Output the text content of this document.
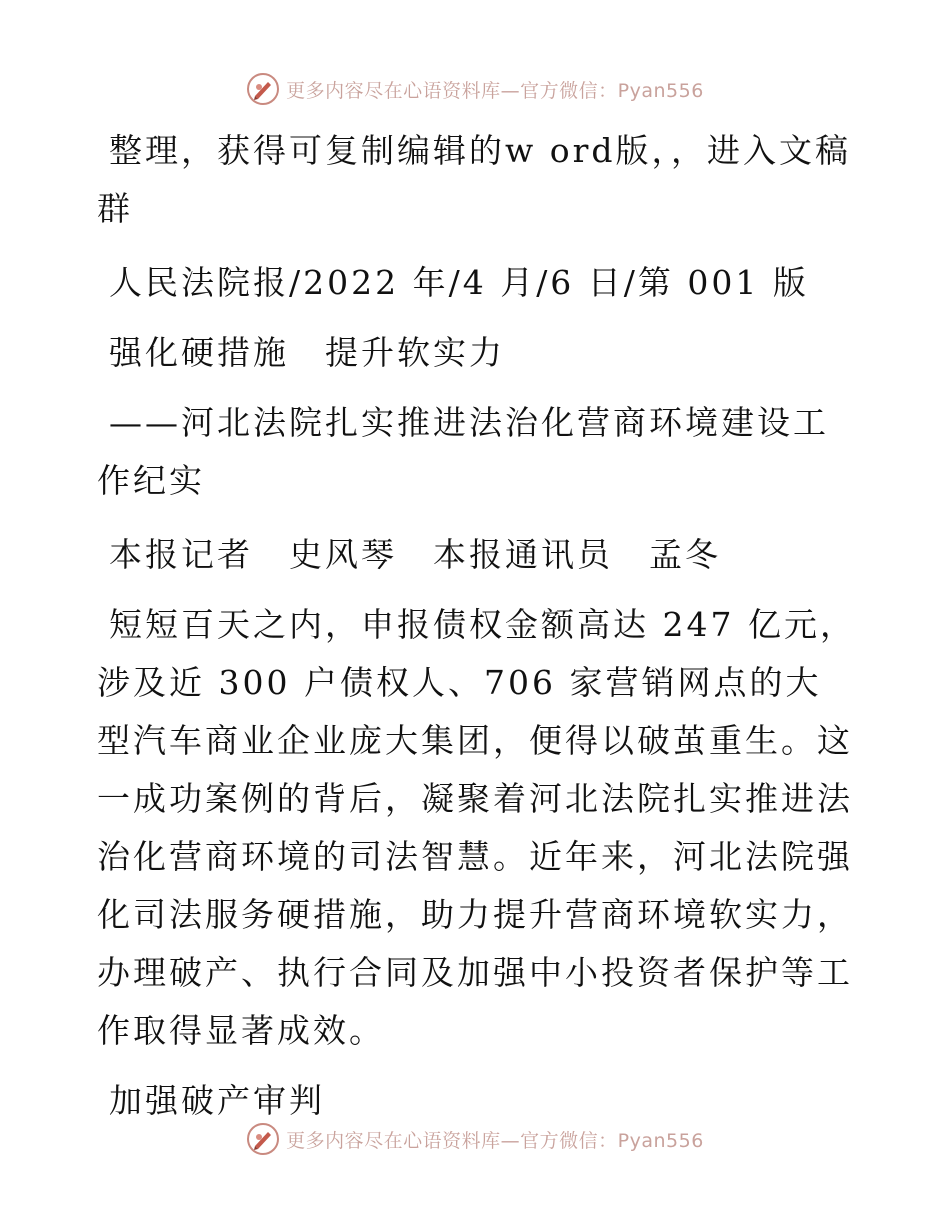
更多内容尽在心语资料库—官方微信：Pyan556

整理，获得可复制编辑的w ord版，，进入文稿群

人民法院报/2022 年/4 月/6 日/第 001 版

强化硬措施　提升软实力

——河北法院扎实推进法治化营商环境建设工作纪实

本报记者　史风琴　本报通讯员　孟冬

短短百天之内，申报债权金额高达 247 亿元，涉及近 300 户债权人、706 家营销网点的大型汽车商业企业庞大集团，便得以破茧重生。这一成功案例的背后，凝聚着河北法院扎实推进法治化营商环境的司法智慧。近年来，河北法院强化司法服务硬措施，助力提升营商环境软实力，办理破产、执行合同及加强中小投资者保护等工作取得显著成效。

加强破产审判

更多内容尽在心语资料库—官方微信：Pyan556
